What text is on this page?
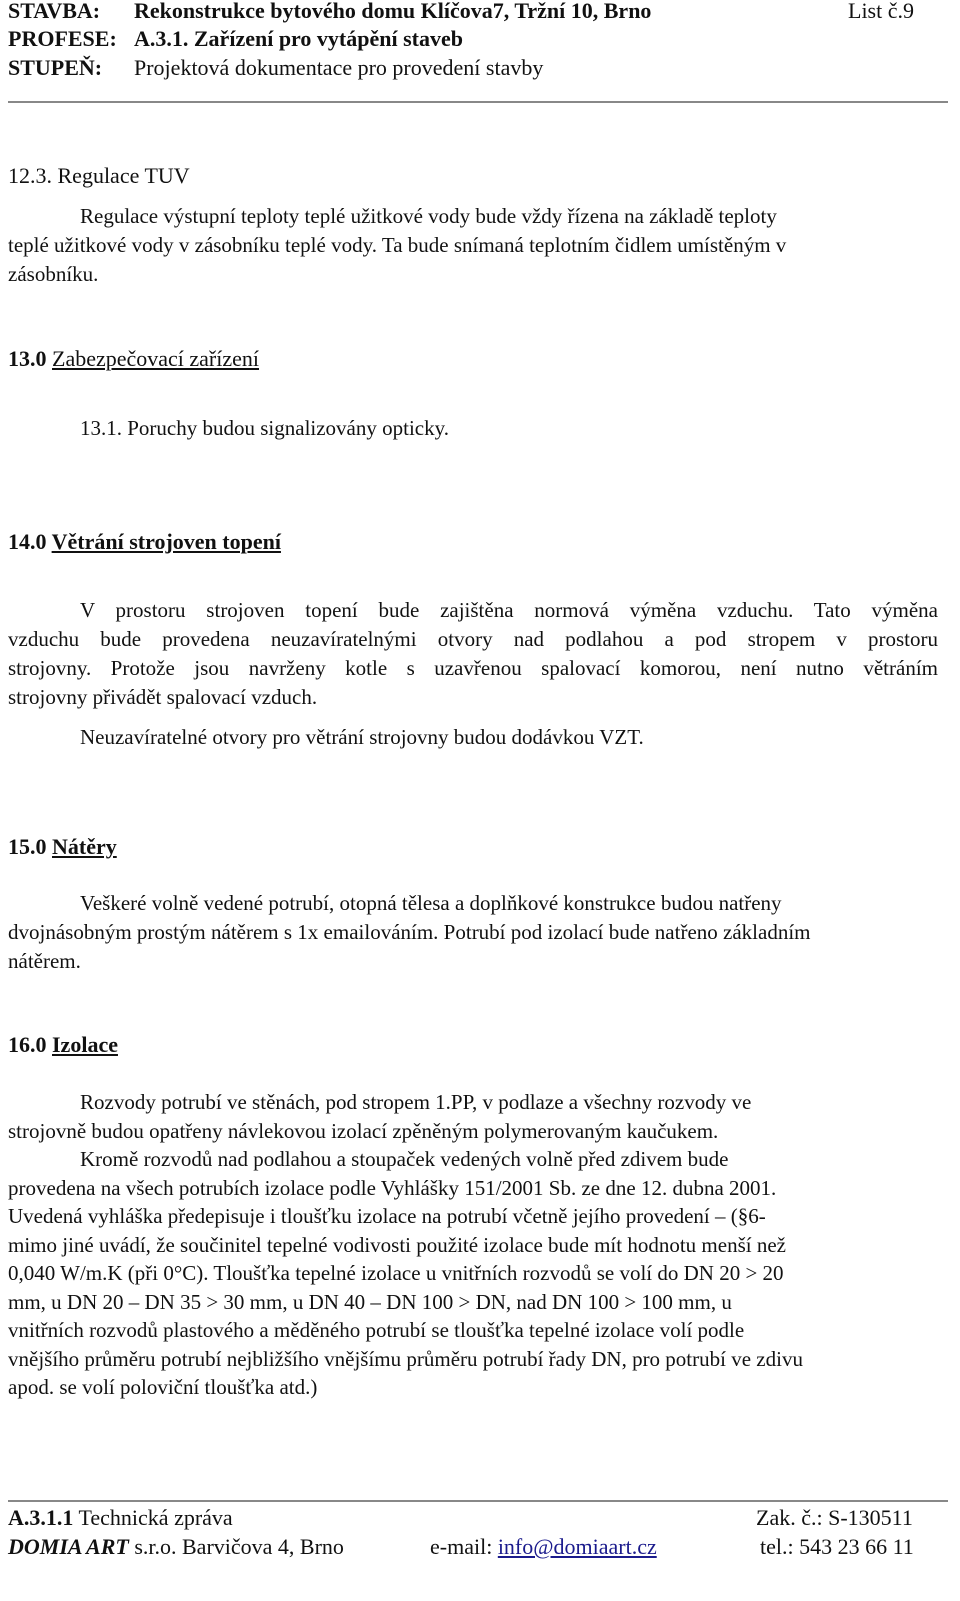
STAVBA: Rekonstrukce bytového domu Klíčova7, Tržní 10, Brno	List č.9
PROFESE: A.3.1. Zařízení pro vytápění staveb
STUPEŇ: Projektová dokumentace pro provedení stavby
12.3. Regulace TUV
Regulace výstupní teploty teplé užitkové vody bude vždy řízena na základě teploty
teplé užitkové vody v zásobníku teplé vody. Ta bude snímaná teplotním čidlem umístěným v
zásobníku.
13.0 Zabezpečovací zařízení
13.1. Poruchy budou signalizovány opticky.
14.0 Větrání strojoven topení
V prostoru strojoven topení bude zajištěna normová výměna vzduchu. Tato výměna
vzduchu bude provedena neuzavíratelnými otvory nad podlahou a pod stropem v prostoru
strojovny. Protože jsou navrženy kotle s uzavřenou spalovací komorou, není nutno větráním
strojovny přivádět spalovací vzduch.
Neuzavíratelné otvory pro větrání strojovny budou dodávkou VZT.
15.0 Nátěry
Veškeré volně vedené potrubí, otopná tělesa a doplňkové konstrukce budou natřeny
dvojnásobným prostým nátěrem s 1x emailováním. Potrubí pod izolací bude natřeno základním
nátěrem.
16.0 Izolace
Rozvody potrubí ve stěnách, pod stropem 1.PP, v podlaze a všechny rozvody ve
strojovně budou opatřeny návlekovou izolací zpěněným polymerovaným kaučukem.
Kromě rozvodů nad podlahou a stoupaček vedených volně před zdivem bude
provedena na všech potrubích izolace podle Vyhlášky 151/2001 Sb. ze dne 12. dubna 2001.
Uvedená vyhláška předepisuje i tloušťku izolace na potrubí včetně jejího provedení – (§6-
mimo jiné uvádí, že součinitel tepelné vodivosti použité izolace bude mít hodnotu menší než
0,040 W/m.K (při 0°C). Tloušťka tepelné izolace u vnitřních rozvodů se volí do DN 20 > 20
mm, u DN 20 – DN 35 > 30 mm, u DN 40 – DN 100 > DN, nad DN 100 > 100 mm, u
vnitřních rozvodů plastového a měděného potrubí se tloušťka tepelné izolace volí podle
vnějšího průměru potrubí nejbližšího vnějšímu průměru potrubí řady DN, pro potrubí ve zdivu
apod. se volí poloviční tloušťka atd.)
A.3.1.1 Technická zpráva	Zak. č.: S-130511
DOMIA ART s.r.o. Barvičova 4, Brno	e-mail: info@domiaart.cz	tel.: 543 23 66 11
